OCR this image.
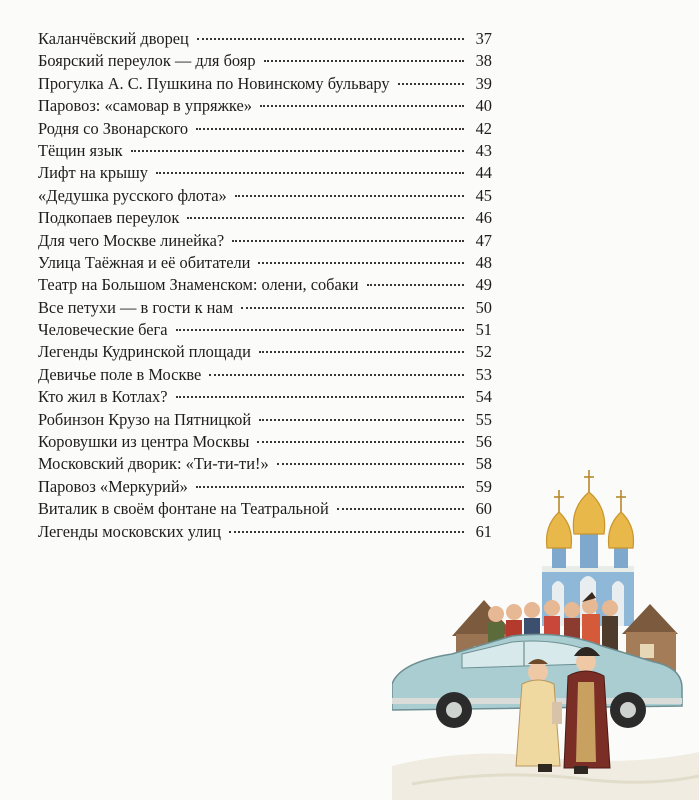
Каланчёвский дворец	37
Боярский переулок — для бояр	38
Прогулка А. С. Пушкина по Новинскому бульвару	39
Паровоз: «самовар в упряжке»	40
Родня со Звонарского	42
Тёщин язык	43
Лифт на крышу	44
«Дедушка русского флота»	45
Подкопаев переулок	46
Для чего Москве линейка?	47
Улица Таёжная и её обитатели	48
Театр на Большом Знаменском: олени, собаки	49
Все петухи — в гости к нам	50
Человеческие бега	51
Легенды Кудринской площади	52
Девичье поле в Москве	53
Кто жил в Котлах?	54
Робинзон Крузо на Пятницкой	55
Коровушки из центра Москвы	56
Московский дворик: «Ти-ти-ти!»	58
Паровоз «Меркурий»	59
Виталик в своём фонтане на Театральной	60
Легенды московских улиц	61
